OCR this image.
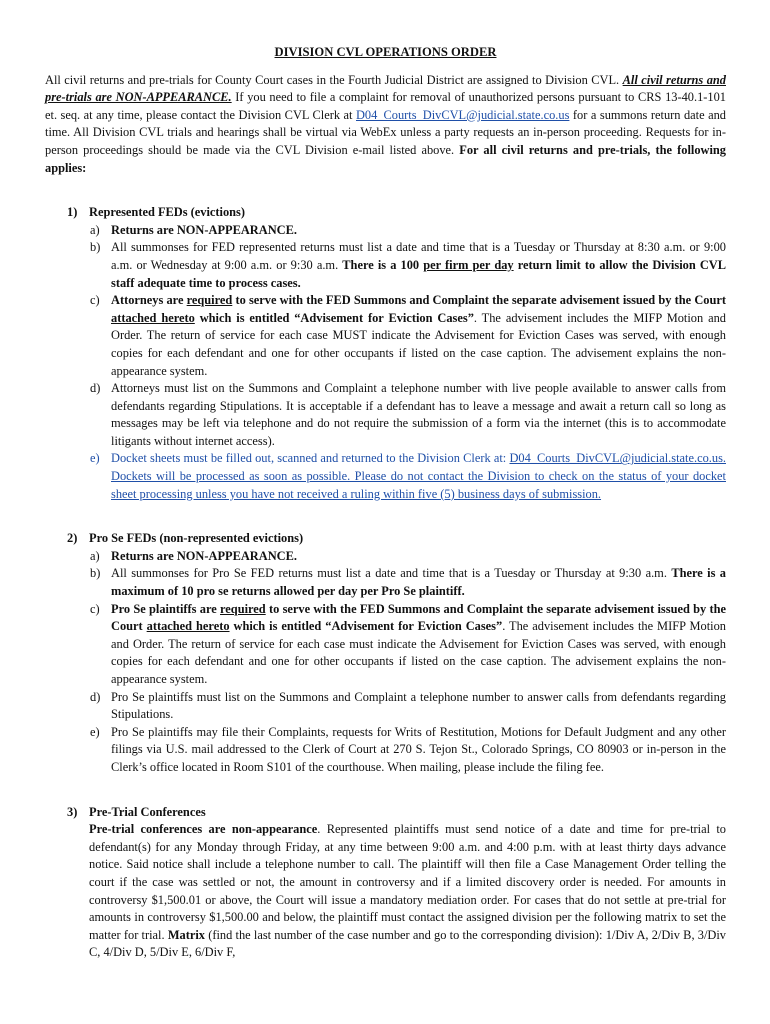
DIVISION CVL OPERATIONS ORDER

All civil returns and pre-trials for County Court cases in the Fourth Judicial District are assigned to Division CVL. All civil returns and pre-trials are NON-APPEARANCE. If you need to file a complaint for removal of unauthorized persons pursuant to CRS 13-40.1-101 et. seq. at any time, please contact the Division CVL Clerk at D04_Courts_DivCVL@judicial.state.co.us for a summons return date and time. All Division CVL trials and hearings shall be virtual via WebEx unless a party requests an in-person proceeding. Requests for in-person proceedings should be made via the CVL Division e-mail listed above. For all civil returns and pre-trials, the following applies:

1) Represented FEDs (evictions)
a) Returns are NON-APPEARANCE.
b) All summonses for FED represented returns must list a date and time that is a Tuesday or Thursday at 8:30 a.m. or 9:00 a.m. or Wednesday at 9:00 a.m. or 9:30 a.m. There is a 100 per firm per day return limit to allow the Division CVL staff adequate time to process cases.
c) Attorneys are required to serve with the FED Summons and Complaint the separate advisement issued by the Court attached hereto which is entitled “Advisement for Eviction Cases”. The advisement includes the MIFP Motion and Order. The return of service for each case MUST indicate the Advisement for Eviction Cases was served, with enough copies for each defendant and one for other occupants if listed on the case caption. The advisement explains the non-appearance system.
d) Attorneys must list on the Summons and Complaint a telephone number with live people available to answer calls from defendants regarding Stipulations. It is acceptable if a defendant has to leave a message and await a return call so long as messages may be left via telephone and do not require the submission of a form via the internet (this is to accommodate litigants without internet access).
e) Docket sheets must be filled out, scanned and returned to the Division Clerk at: D04_Courts_DivCVL@judicial.state.co.us. Dockets will be processed as soon as possible. Please do not contact the Division to check on the status of your docket sheet processing unless you have not received a ruling within five (5) business days of submission.
2) Pro Se FEDs (non-represented evictions)
a) Returns are NON-APPEARANCE.
b) All summonses for Pro Se FED returns must list a date and time that is a Tuesday or Thursday at 9:30 a.m. There is a maximum of 10 pro se returns allowed per day per Pro Se plaintiff.
c) Pro Se plaintiffs are required to serve with the FED Summons and Complaint the separate advisement issued by the Court attached hereto which is entitled “Advisement for Eviction Cases”. The advisement includes the MIFP Motion and Order. The return of service for each case must indicate the Advisement for Eviction Cases was served, with enough copies for each defendant and one for other occupants if listed on the case caption. The advisement explains the non-appearance system.
d) Pro Se plaintiffs must list on the Summons and Complaint a telephone number to answer calls from defendants regarding Stipulations.
e) Pro Se plaintiffs may file their Complaints, requests for Writs of Restitution, Motions for Default Judgment and any other filings via U.S. mail addressed to the Clerk of Court at 270 S. Tejon St., Colorado Springs, CO 80903 or in-person in the Clerk’s office located in Room S101 of the courthouse. When mailing, please include the filing fee.
3) Pre-Trial Conferences

Pre-trial conferences are non-appearance. Represented plaintiffs must send notice of a date and time for pre-trial to defendant(s) for any Monday through Friday, at any time between 9:00 a.m. and 4:00 p.m. with at least thirty days advance notice. Said notice shall include a telephone number to call. The plaintiff will then file a Case Management Order telling the court if the case was settled or not, the amount in controversy and if a limited discovery order is needed. For amounts in controversy $1,500.01 or above, the Court will issue a mandatory mediation order. For cases that do not settle at pre-trial for amounts in controversy $1,500.00 and below, the plaintiff must contact the assigned division per the following matrix to set the matter for trial. Matrix (find the last number of the case number and go to the corresponding division): 1/Div A, 2/Div B, 3/Div C, 4/Div D, 5/Div E, 6/Div F,
